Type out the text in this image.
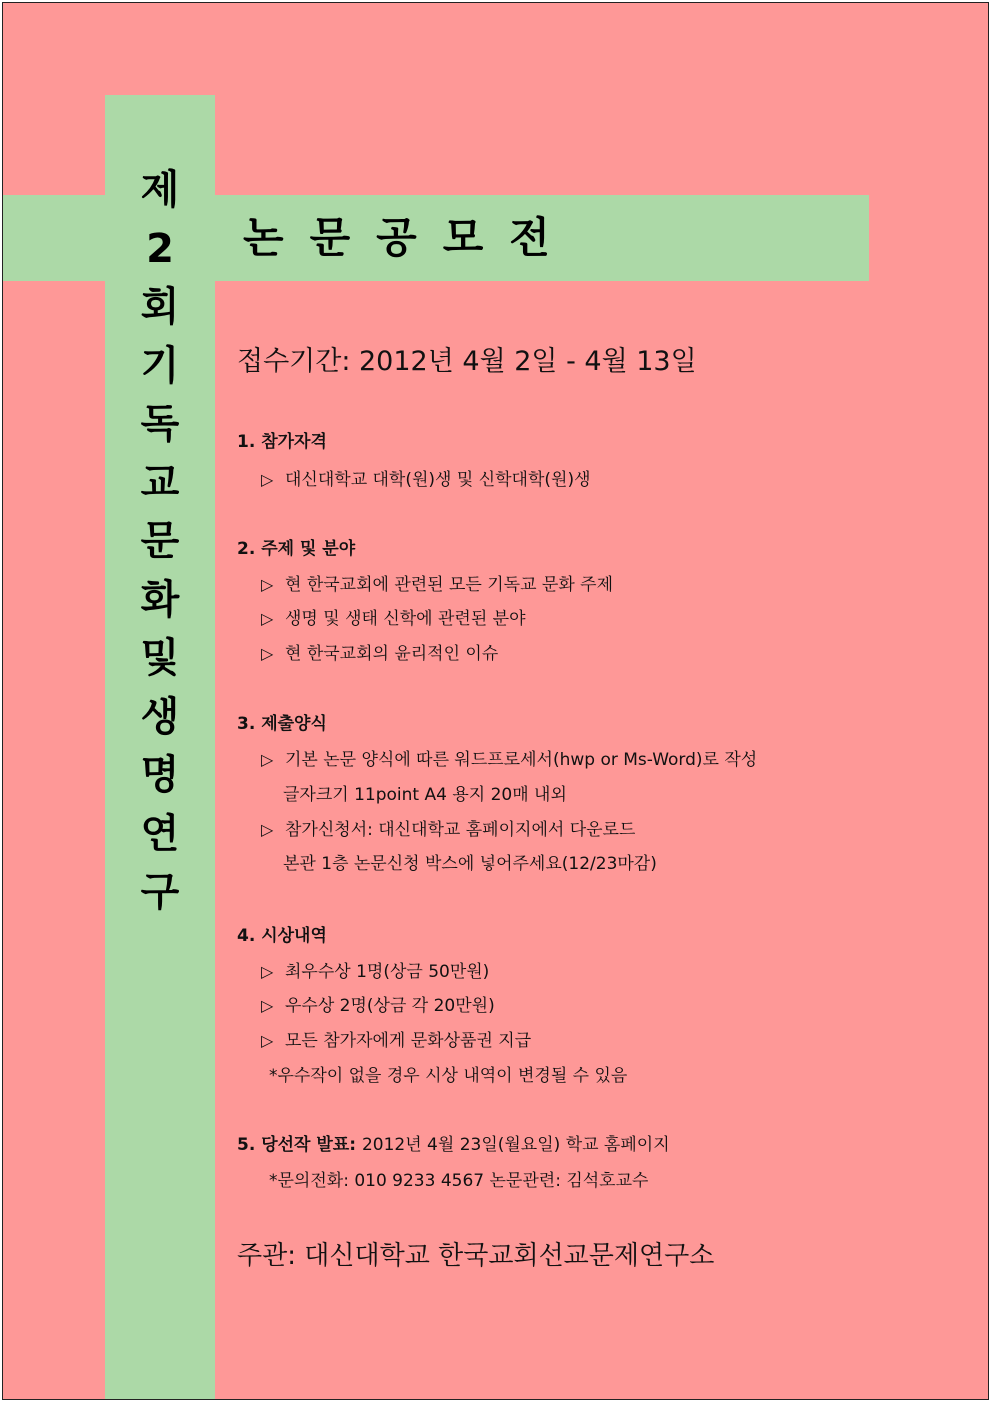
제
2
회
기
독
교
문
화
및
생
명
연
구
논문공모전
접수기간: 2012년 4월 2일 - 4월 13일
1. 참가자격
▷ 대신대학교 대학(원)생 및 신학대학(원)생
2. 주제 및 분야
▷ 현 한국교회에 관련된 모든 기독교 문화 주제
▷ 생명 및 생태 신학에 관련된 분야
▷ 현 한국교회의 윤리적인 이슈
3. 제출양식
▷ 기본 논문 양식에 따른 워드프로세서(hwp or Ms-Word)로 작성
글자크기 11point A4 용지 20매 내외
▷ 참가신청서: 대신대학교 홈페이지에서 다운로드
본관 1층 논문신청 박스에 넣어주세요(12/23마감)
4. 시상내역
▷ 최우수상 1명(상금 50만원)
▷ 우수상 2명(상금 각 20만원)
▷ 모든 참가자에게 문화상품권 지급
*우수작이 없을 경우 시상 내역이 변경될 수 있음
5. 당선작 발표: 2012년 4월 23일(월요일) 학교 홈페이지
*문의전화: 010 9233 4567 논문관련: 김석호교수
주관: 대신대학교 한국교회선교문제연구소
